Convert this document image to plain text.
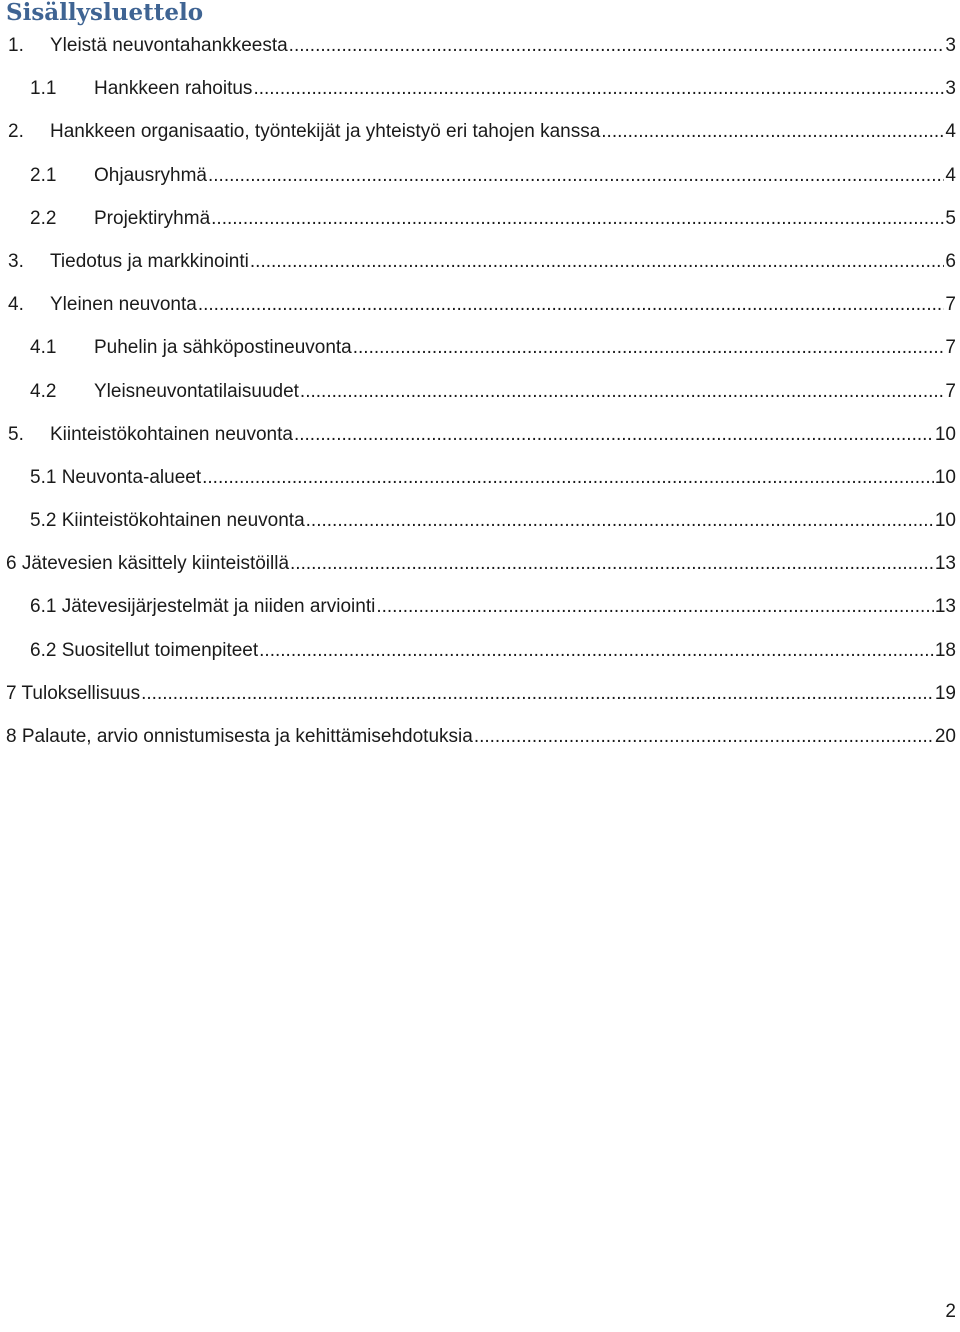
Sisällysluettelo
1.	Yleistä neuvontahankkeesta .....	3
1.1	Hankkeen rahoitus .....	3
2.	Hankkeen organisaatio, työntekijät ja yhteistyö eri tahojen kanssa .....	4
2.1	Ohjausryhmä .....	4
2.2	Projektiryhmä .....	5
3.	Tiedotus ja markkinointi .....	6
4.	Yleinen neuvonta .....	7
4.1	Puhelin ja sähköpostineuvonta .....	7
4.2	Yleisneuvontatilaisuudet .....	7
5.	Kiinteistökohtainen neuvonta .....	10
5.1 Neuvonta-alueet .....	10
5.2 Kiinteistökohtainen neuvonta .....	10
6 Jätevesien käsittely kiinteistöillä .....	13
6.1 Jätevesijärjestelmät ja niiden arviointi .....	13
6.2 Suositellut toimenpiteet .....	18
7 Tuloksellisuus .....	19
8 Palaute, arvio onnistumisesta ja kehittämisehdotuksia .....	20
2
